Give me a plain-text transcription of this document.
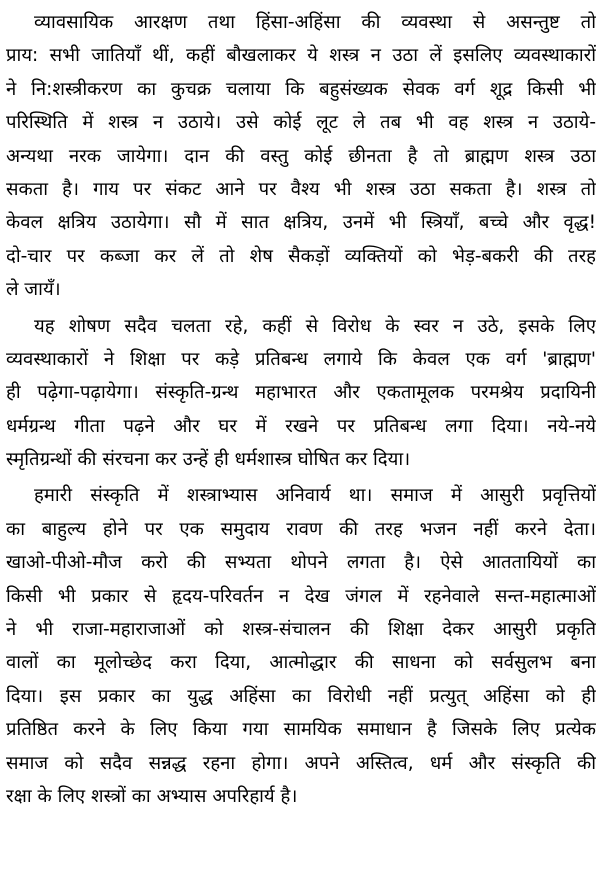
व्यावसायिक आरक्षण तथा हिंसा-अहिंसा की व्यवस्था से असन्तुष्ट तो
प्राय: सभी जातियाँ थीं, कहीं बौखलाकर ये शस्त्र न उठा लें इसलिए व्यवस्थाकारों
ने नि:शस्त्रीकरण का कुचक्र चलाया कि बहुसंख्यक सेवक वर्ग शूद्र किसी भी
परिस्थिति में शस्त्र न उठाये। उसे कोई लूट ले तब भी वह शस्त्र न उठाये-
अन्यथा नरक जायेगा। दान की वस्तु कोई छीनता है तो ब्राह्मण शस्त्र उठा
सकता है। गाय पर संकट आने पर वैश्य भी शस्त्र उठा सकता है। शस्त्र तो
केवल क्षत्रिय उठायेगा। सौ में सात क्षत्रिय, उनमें भी स्त्रियाँ, बच्चे और वृद्ध!
दो-चार पर कब्जा कर लें तो शेष सैकड़ों व्यक्तियों को भेड़-बकरी की तरह
ले जायँ।
यह शोषण सदैव चलता रहे, कहीं से विरोध के स्वर न उठे, इसके लिए
व्यवस्थाकारों ने शिक्षा पर कड़े प्रतिबन्ध लगाये कि केवल एक वर्ग 'ब्राह्मण'
ही पढ़ेगा-पढ़ायेगा। संस्कृति-ग्रन्थ महाभारत और एकतामूलक परमश्रेय प्रदायिनी
धर्मग्रन्थ गीता पढ़ने और घर में रखने पर प्रतिबन्ध लगा दिया। नये-नये
स्मृतिग्रन्थों की संरचना कर उन्हें ही धर्मशास्त्र घोषित कर दिया।
हमारी संस्कृति में शस्त्राभ्यास अनिवार्य था। समाज में आसुरी प्रवृत्तियों
का बाहुल्य होने पर एक समुदाय रावण की तरह भजन नहीं करने देता।
खाओ-पीओ-मौज करो की सभ्यता थोपने लगता है। ऐसे आततायियों का
किसी भी प्रकार से हृदय-परिवर्तन न देख जंगल में रहनेवाले सन्त-महात्माओं
ने भी राजा-महाराजाओं को शस्त्र-संचालन की शिक्षा देकर आसुरी प्रकृति
वालों का मूलोच्छेद करा दिया, आत्मोद्धार की साधना को सर्वसुलभ बना
दिया। इस प्रकार का युद्ध अहिंसा का विरोधी नहीं प्रत्युत् अहिंसा को ही
प्रतिष्ठित करने के लिए किया गया सामयिक समाधान है जिसके लिए प्रत्येक
समाज को सदैव सन्नद्ध रहना होगा। अपने अस्तित्व, धर्म और संस्कृति की
रक्षा के लिए शस्त्रों का अभ्यास अपरिहार्य है।
